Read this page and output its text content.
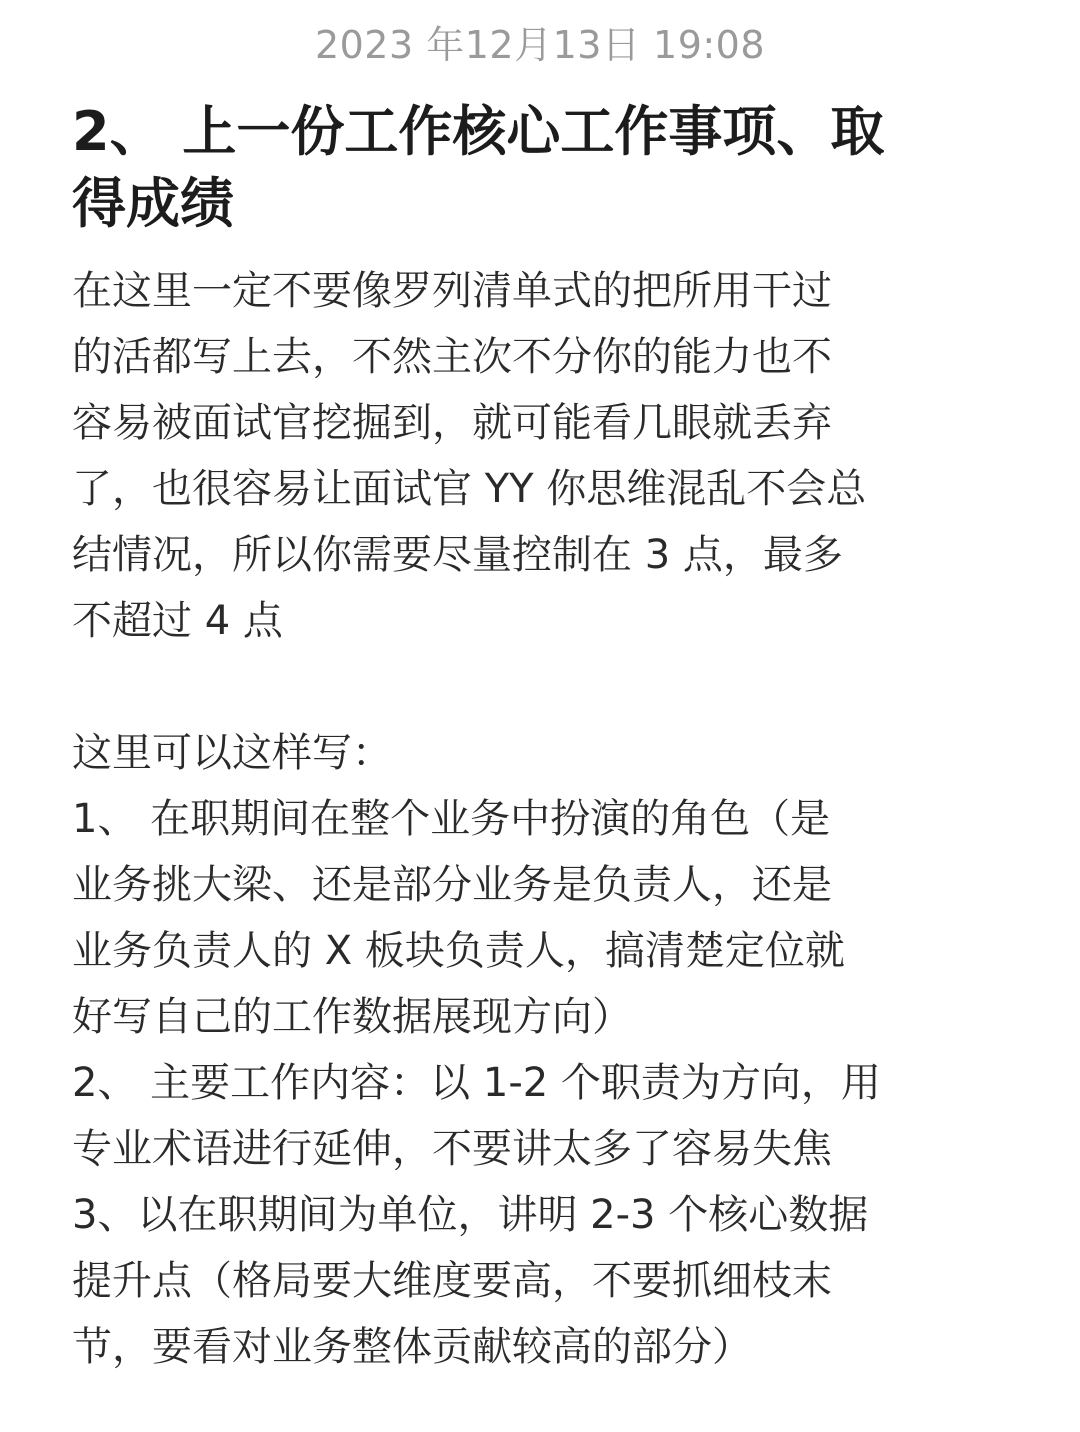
2023 年12月13日 19:08
2、 上一份工作核心工作事项、取
得成绩
在这里一定不要像罗列清单式的把所用干过
的活都写上去，不然主次不分你的能力也不
容易被面试官挖掘到，就可能看几眼就丢弃
了，也很容易让面试官 YY 你思维混乱不会总
结情况，所以你需要尽量控制在 3 点，最多
不超过 4 点
这里可以这样写：
1、 在职期间在整个业务中扮演的角色（是
业务挑大梁、还是部分业务是负责人，还是
业务负责人的 X 板块负责人，搞清楚定位就
好写自己的工作数据展现方向）
2、 主要工作内容：以 1-2 个职责为方向，用
专业术语进行延伸，不要讲太多了容易失焦
3、以在职期间为单位，讲明 2-3 个核心数据
提升点（格局要大维度要高，不要抓细枝末
节，要看对业务整体贡献较高的部分）
